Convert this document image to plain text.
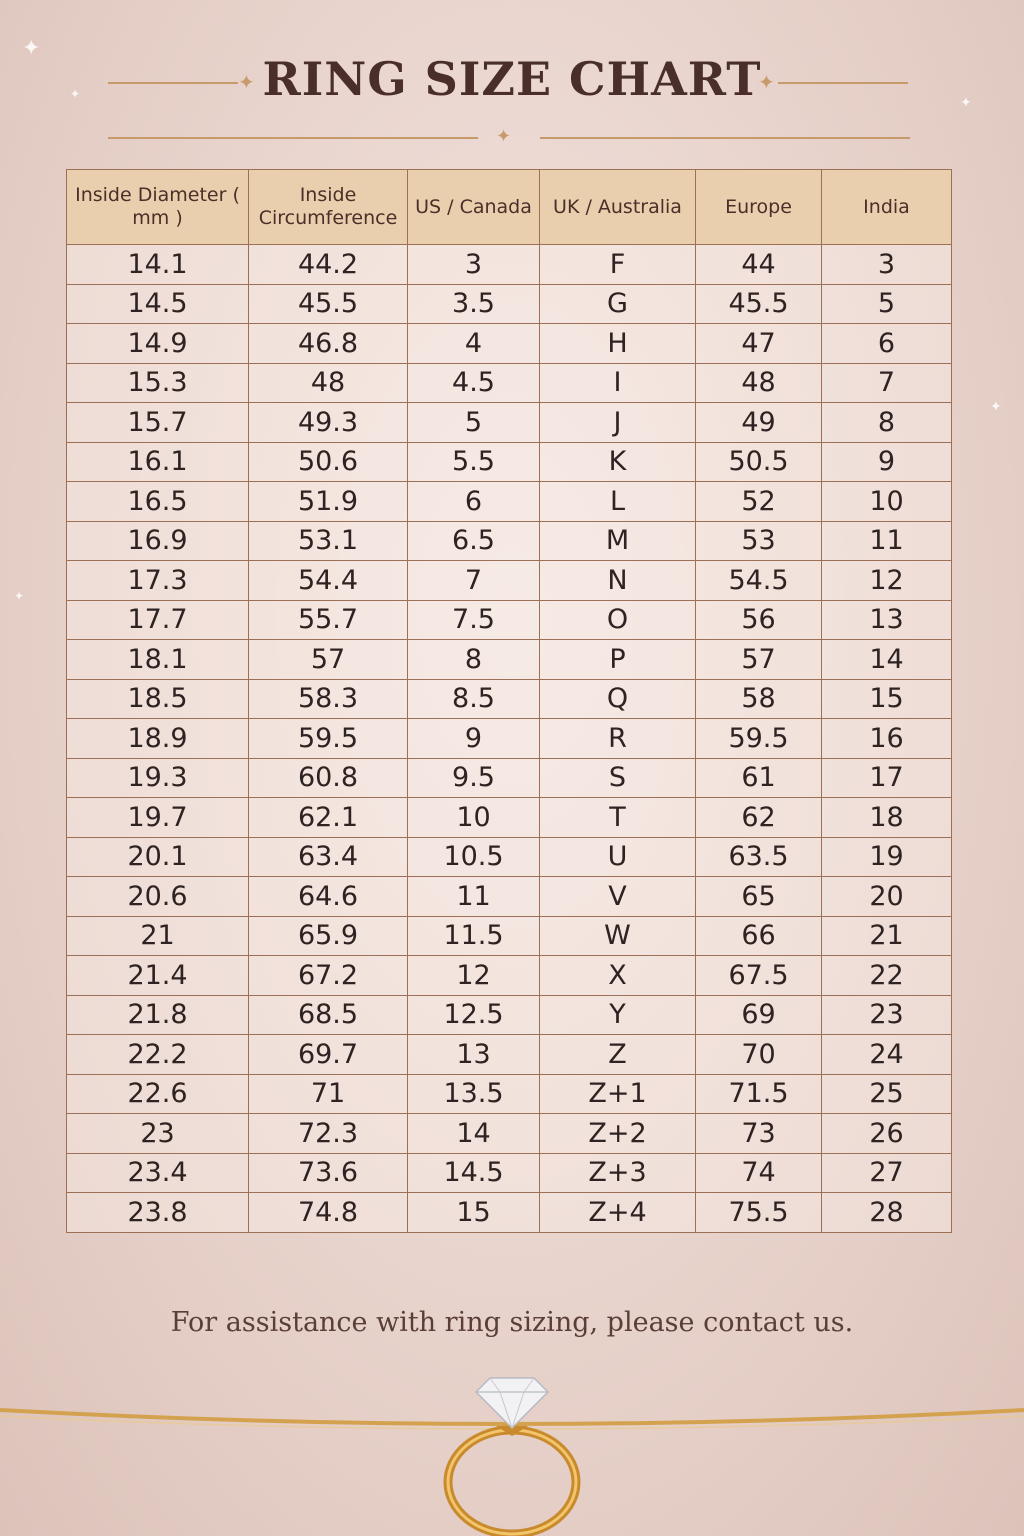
✦
✦
✦
✦
✦
RING SIZE CHART
✦	✦
✦
Inside Diameter ( mm )	Inside Circumference	US / Canada	UK / Australia	Europe	India
14.1	44.2	3	F	44	3
14.5	45.5	3.5	G	45.5	5
14.9	46.8	4	H	47	6
15.3	48	4.5	I	48	7
15.7	49.3	5	J	49	8
16.1	50.6	5.5	K	50.5	9
16.5	51.9	6	L	52	10
16.9	53.1	6.5	M	53	11
17.3	54.4	7	N	54.5	12
17.7	55.7	7.5	O	56	13
18.1	57	8	P	57	14
18.5	58.3	8.5	Q	58	15
18.9	59.5	9	R	59.5	16
19.3	60.8	9.5	S	61	17
19.7	62.1	10	T	62	18
20.1	63.4	10.5	U	63.5	19
20.6	64.6	11	V	65	20
21	65.9	11.5	W	66	21
21.4	67.2	12	X	67.5	22
21.8	68.5	12.5	Y	69	23
22.2	69.7	13	Z	70	24
22.6	71	13.5	Z+1	71.5	25
23	72.3	14	Z+2	73	26
23.4	73.6	14.5	Z+3	74	27
23.8	74.8	15	Z+4	75.5	28
For assistance with ring sizing, please contact us.
